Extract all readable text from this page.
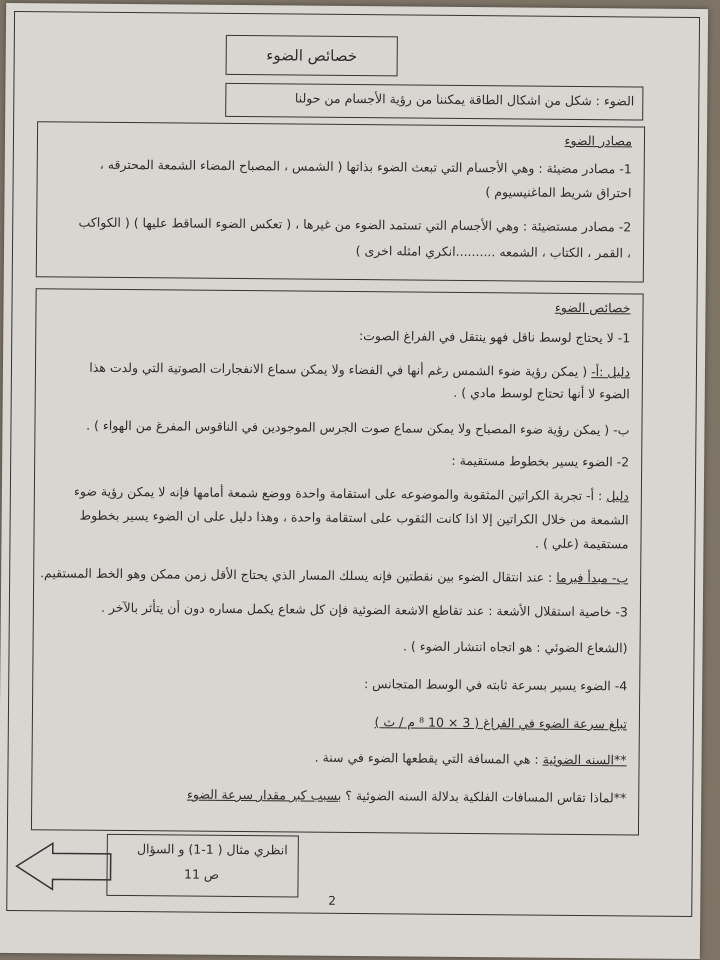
خصائص الضوء
الضوء : شكل من اشكال الطاقة يمكننا من رؤية الأجسام من حولنا
مصادر الضوء
1- مصادر مضيئة : وهي الأجسام التي تبعث الضوء بذاتها ( الشمس ، المصباح المضاء الشمعة المحترقه ،
احتراق شريط الماغنيسيوم )
2- مصادر مستضيئة : وهي الأجسام التي تستمد الضوء من غيرها ، ( تعكس الضوء الساقط عليها ) ( الكواكب
، القمر ، الكتاب ، الشمعه ..........انكري امثله اخرى )
خصائص الضوء
1- لا يحتاج لوسط ناقل فهو ينتقل في الفراغ الصوت:
دليل :أ- ( يمكن رؤية ضوء الشمس رغم أنها في الفضاء ولا يمكن سماع الانفجارات الصوتية التي ولدت هذا
الضوء لا أنها تحتاج لوسط مادي ) .
ب- ( يمكن رؤية ضوء المصباح ولا يمكن سماع صوت الجرس الموجودين في الناقوس المفرغ من الهواء ) .
2- الضوء يسير بخطوط مستقيمة :
دليل : أ- تجربة الكراتين المثقوبة والموضوعه على استقامة واحدة ووضع شمعة أمامها فإنه لا يمكن رؤية ضوء
الشمعة من خلال الكراتين إلا اذا كانت الثقوب على استقامة واحدة ، وهذا دليل على ان الضوء يسير بخطوط
مستقيمة (علي ) .
ب- مبدأ فيرما : عند انتقال الضوء بين نقطتين فإنه يسلك المسار الذي يحتاج الأقل زمن ممكن وهو الخط المستقيم.
3- خاصية استقلال الأشعة : عند تقاطع الاشعة الضوئية فإن كل شعاع يكمل مساره دون أن يتأثر بالآخر .
(الشعاع الضوئي : هو اتجاه انتشار الضوء ) .
4- الضوء يسير بسرعة ثابته في الوسط المتجانس :
تبلغ سرعة الضوء في الفراغ ( 3 × 10 ⁸ م / ث )
**السنه الضوئية : هي المسافة التي يقطعها الضوء في سنة .
**لماذا تقاس المسافات الفلكية بدلالة السنه الضوئية ؟ بسبب كبر مقدار سرعة الضوء
انظري مثال ( 1-1) و السؤال
ص 11
2
